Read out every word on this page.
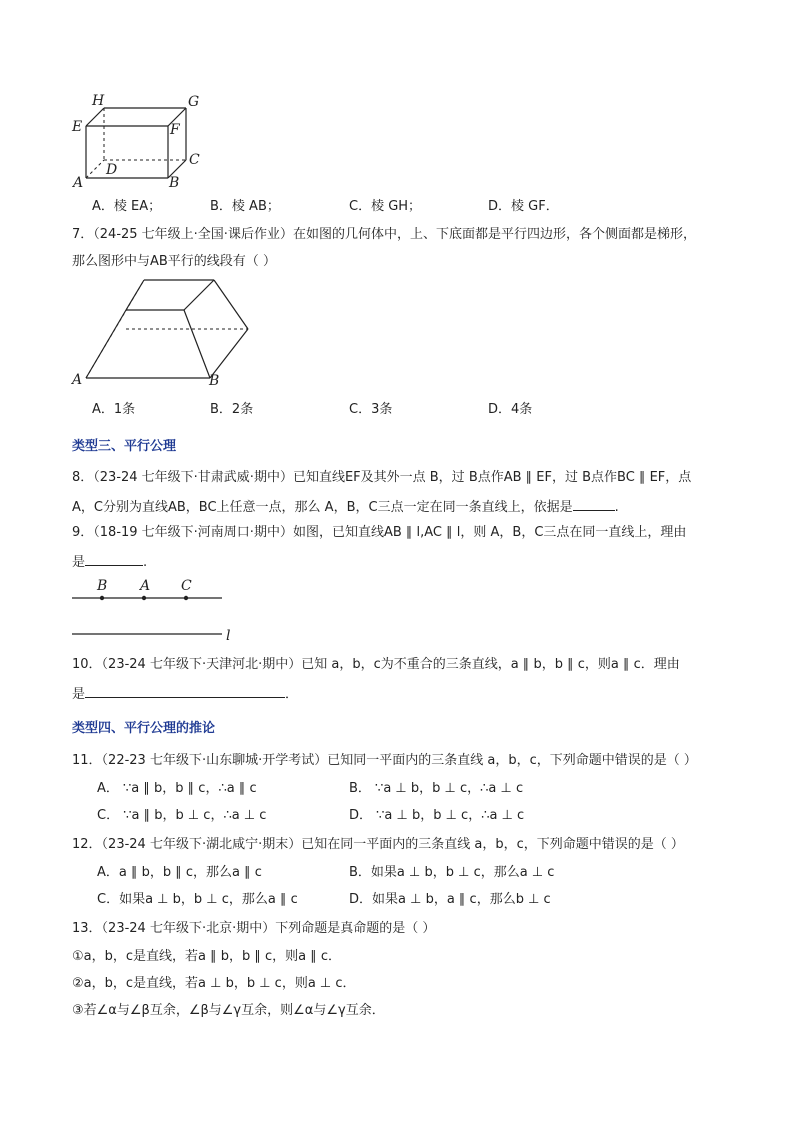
H	G
E	F
D
C
A	B
A．棱 EA；	B．棱 AB；	C．棱 GH；	D．棱 GF．
7．（24-25 七年级上·全国·课后作业）在如图的几何体中，上、下底面都是平行四边形，各个侧面都是梯形，
那么图形中与AB平行的线段有（ ）
A	B
A．1条	B．2条	C．3条	D．4条
类型三、平行公理
8．（23-24 七年级下·甘肃武威·期中）已知直线EF及其外一点 B，过 B点作AB ∥ EF，过 B点作BC ∥ EF，点
A，C分别为直线AB，BC上任意一点，那么 A，B，C三点一定在同一条直线上，依据是	.
9．（18-19 七年级下·河南周口·期中）如图，已知直线AB ∥ l,AC ∥ l，则 A，B，C三点在同一直线上，理由
是	.
B A C
l
10．（23-24 七年级下·天津河北·期中）已知 a，b，c为不重合的三条直线，a ∥ b，b ∥ c，则a ∥ c．理由
是	．
类型四、平行公理的推论
11．（22-23 七年级下·山东聊城·开学考试）已知同一平面内的三条直线 a，b，c，下列命题中错误的是（ ）
A． ∵a ∥ b，b ∥ c，∴a ∥ c	B． ∵a ⊥ b，b ⊥ c，∴a ⊥ c
C． ∵a ∥ b，b ⊥ c，∴a ⊥ c	D． ∵a ⊥ b，b ⊥ c，∴a ⊥ c
12．（23-24 七年级下·湖北咸宁·期末）已知在同一平面内的三条直线 a，b，c，下列命题中错误的是（ ）
A．a ∥ b，b ∥ c，那么a ∥ c	B．如果a ⊥ b，b ⊥ c，那么a ⊥ c
C．如果a ⊥ b，b ⊥ c，那么a ∥ c	D．如果a ⊥ b，a ∥ c，那么b ⊥ c
13．（23-24 七年级下·北京·期中）下列命题是真命题的是（ ）
①a，b，c是直线，若a ∥ b，b ∥ c，则a ∥ c．
②a，b，c是直线，若a ⊥ b，b ⊥ c，则a ⊥ c．
③若∠α与∠β互余，∠β与∠γ互余，则∠α与∠γ互余．
